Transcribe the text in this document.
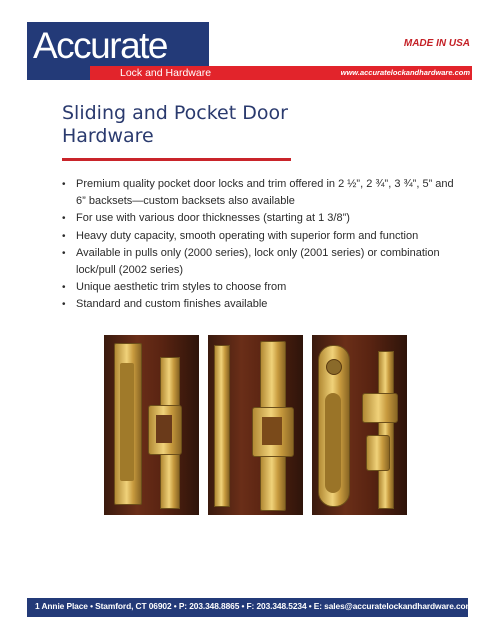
Accurate
Lock and Hardware
MADE IN USA
www.accuratelockandhardware.com
Sliding and Pocket Door Hardware
• Premium quality pocket door locks and trim offered in 2 ½”, 2 ¾”, 3 ¾”, 5” and 6” backsets—custom backsets also available
• For use with various door thicknesses (starting at 1 3/8”)
• Heavy duty capacity, smooth operating with superior form and function
• Available in pulls only (2000 series), lock only (2001 series) or combination lock/pull (2002 series)
• Unique aesthetic trim styles to choose from
• Standard and custom finishes available
1 Annie Place • Stamford, CT 06902 • P: 203.348.8865 • F: 203.348.5234 • E: sales@accuratelockandhardware.com
